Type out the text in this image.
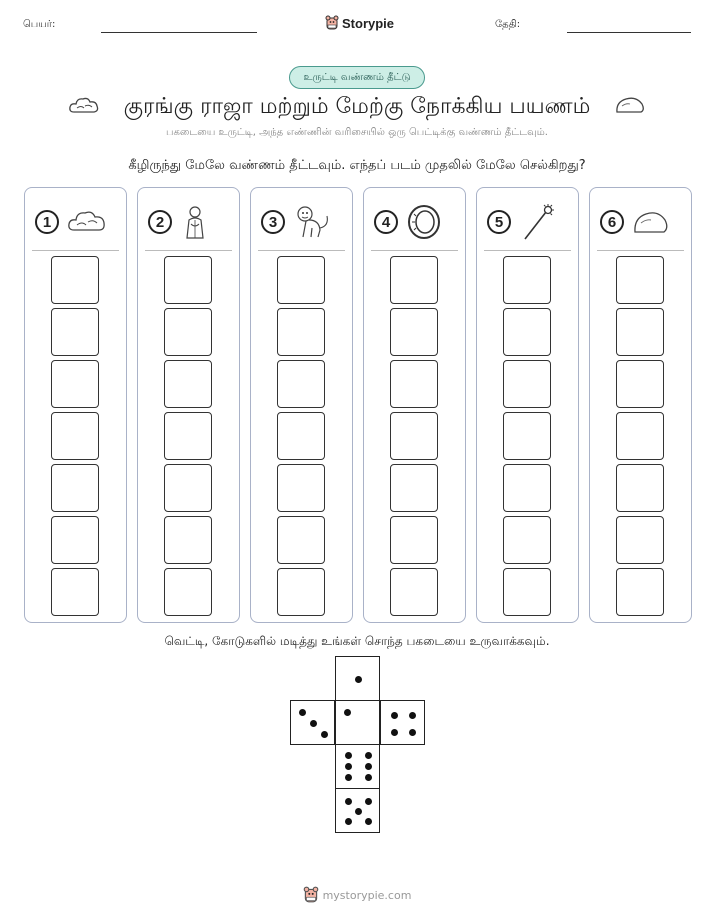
பெயர்:	Storypie	தேதி:
உருட்டி வண்ணம் தீட்டு
குரங்கு ராஜா மற்றும் மேற்கு நோக்கிய பயணம்
பகடையை உருட்டி, அந்த எண்ணின் வரிசையில் ஒரு பெட்டிக்கு வண்ணம் தீட்டவும்.
கீழிருந்து மேலே வண்ணம் தீட்டவும். எந்தப் படம் முதலில் மேலே செல்கிறது?
1	2	3	4	5	6
வெட்டி, கோடுகளில் மடித்து உங்கள் சொந்த பகடையை உருவாக்கவும்.
mystorypie.com
